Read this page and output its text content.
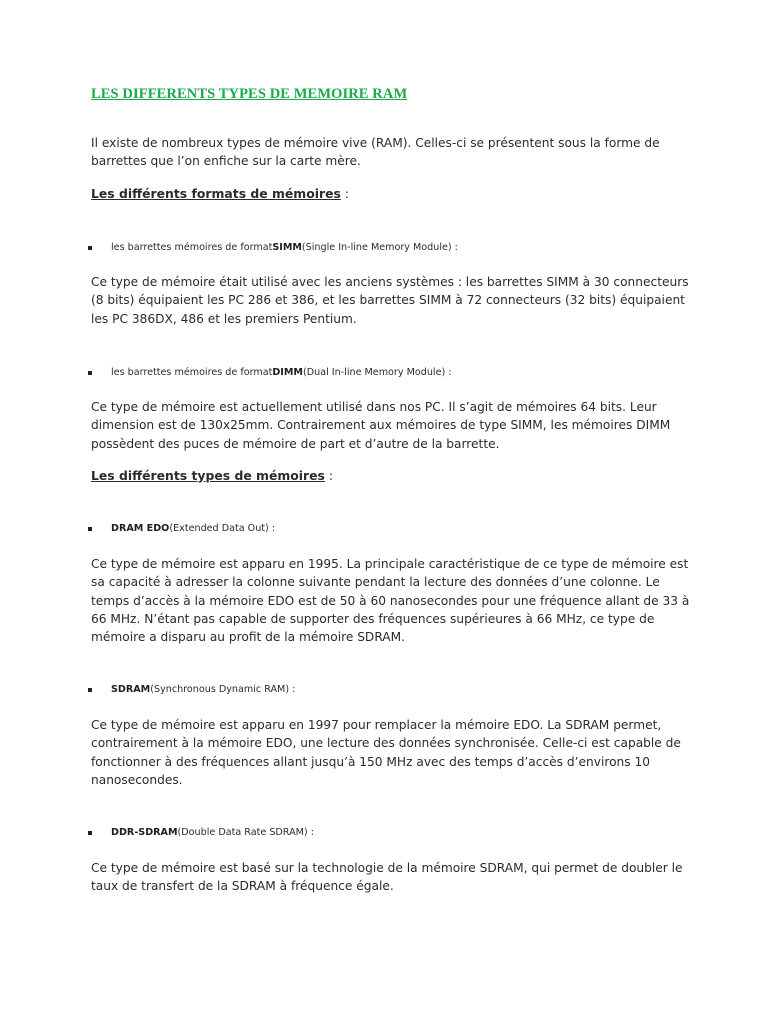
LES DIFFERENTS TYPES DE MEMOIRE RAM

Il existe de nombreux types de mémoire vive (RAM). Celles-ci se présentent sous la forme de barrettes que l’on enfiche sur la carte mère.

Les différents formats de mémoires :
les barrettes mémoires de format SIMM (Single In-line Memory Module) :

Ce type de mémoire était utilisé avec les anciens systèmes : les barrettes SIMM à 30 connecteurs (8 bits) équipaient les PC 286 et 386, et les barrettes SIMM à 72 connecteurs (32 bits) équipaient les PC 386DX, 486 et les premiers Pentium.

les barrettes mémoires de format DIMM (Dual In-line Memory Module) :

Ce type de mémoire est actuellement utilisé dans nos PC. Il s’agit de mémoires 64 bits. Leur dimension est de 130x25mm. Contrairement aux mémoires de type SIMM, les mémoires DIMM possèdent des puces de mémoire de part et d’autre de la barrette.

Les différents types de mémoires :
DRAM EDO (Extended Data Out) :

Ce type de mémoire est apparu en 1995. La principale caractéristique de ce type de mémoire est sa capacité à adresser la colonne suivante pendant la lecture des données d’une colonne. Le temps d’accès à la mémoire EDO est de 50 à 60 nanosecondes pour une fréquence allant de 33 à 66 MHz. N’étant pas capable de supporter des fréquences supérieures à 66 MHz, ce type de mémoire a disparu au profit de la mémoire SDRAM.

SDRAM (Synchronous Dynamic RAM) :

Ce type de mémoire est apparu en 1997 pour remplacer la mémoire EDO. La SDRAM permet, contrairement à la mémoire EDO, une lecture des données synchronisée. Celle-ci est capable de fonctionner à des fréquences allant jusqu’à 150 MHz avec des temps d’accès d’environs 10 nanosecondes.

DDR-SDRAM (Double Data Rate SDRAM) :

Ce type de mémoire est basé sur la technologie de la mémoire SDRAM, qui permet de doubler le taux de transfert de la SDRAM à fréquence égale.
